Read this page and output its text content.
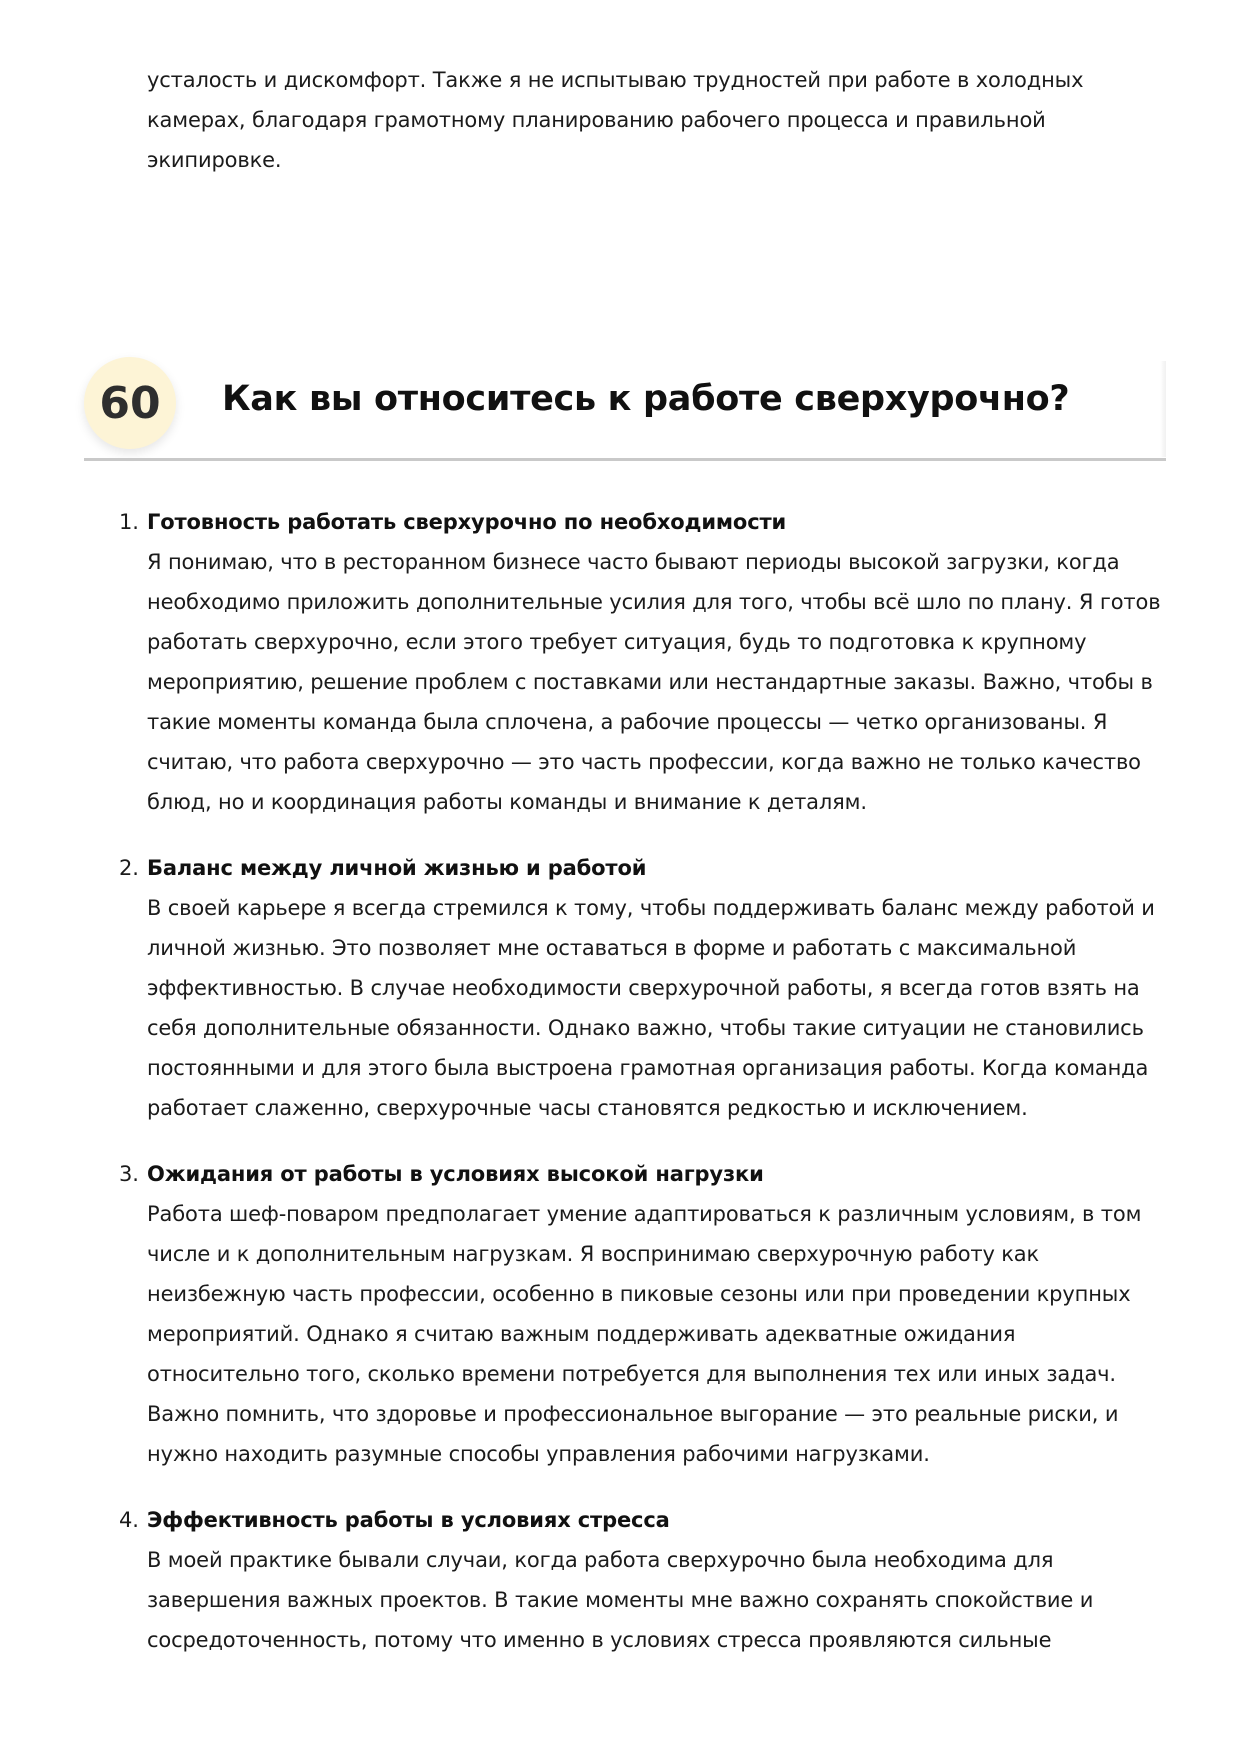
усталость и дискомфорт. Также я не испытываю трудностей при работе в холодных камерах, благодаря грамотному планированию рабочего процесса и правильной экипировке.

60	Как вы относитесь к работе сверхурочно?
1. Готовность работать сверхурочно по необходимости
Я понимаю, что в ресторанном бизнесе часто бывают периоды высокой загрузки, когда необходимо приложить дополнительные усилия для того, чтобы всё шло по плану. Я готов работать сверхурочно, если этого требует ситуация, будь то подготовка к крупному мероприятию, решение проблем с поставками или нестандартные заказы. Важно, чтобы в такие моменты команда была сплочена, а рабочие процессы — четко организованы. Я считаю, что работа сверхурочно — это часть профессии, когда важно не только качество блюд, но и координация работы команды и внимание к деталям.
2. Баланс между личной жизнью и работой
В своей карьере я всегда стремился к тому, чтобы поддерживать баланс между работой и личной жизнью. Это позволяет мне оставаться в форме и работать с максимальной эффективностью. В случае необходимости сверхурочной работы, я всегда готов взять на себя дополнительные обязанности. Однако важно, чтобы такие ситуации не становились постоянными и для этого была выстроена грамотная организация работы. Когда команда работает слаженно, сверхурочные часы становятся редкостью и исключением.
3. Ожидания от работы в условиях высокой нагрузки
Работа шеф-поваром предполагает умение адаптироваться к различным условиям, в том числе и к дополнительным нагрузкам. Я воспринимаю сверхурочную работу как неизбежную часть профессии, особенно в пиковые сезоны или при проведении крупных мероприятий. Однако я считаю важным поддерживать адекватные ожидания относительно того, сколько времени потребуется для выполнения тех или иных задач. Важно помнить, что здоровье и профессиональное выгорание — это реальные риски, и нужно находить разумные способы управления рабочими нагрузками.
4. Эффективность работы в условиях стресса
В моей практике бывали случаи, когда работа сверхурочно была необходима для завершения важных проектов. В такие моменты мне важно сохранять спокойствие и сосредоточенность, потому что именно в условиях стресса проявляются сильные
